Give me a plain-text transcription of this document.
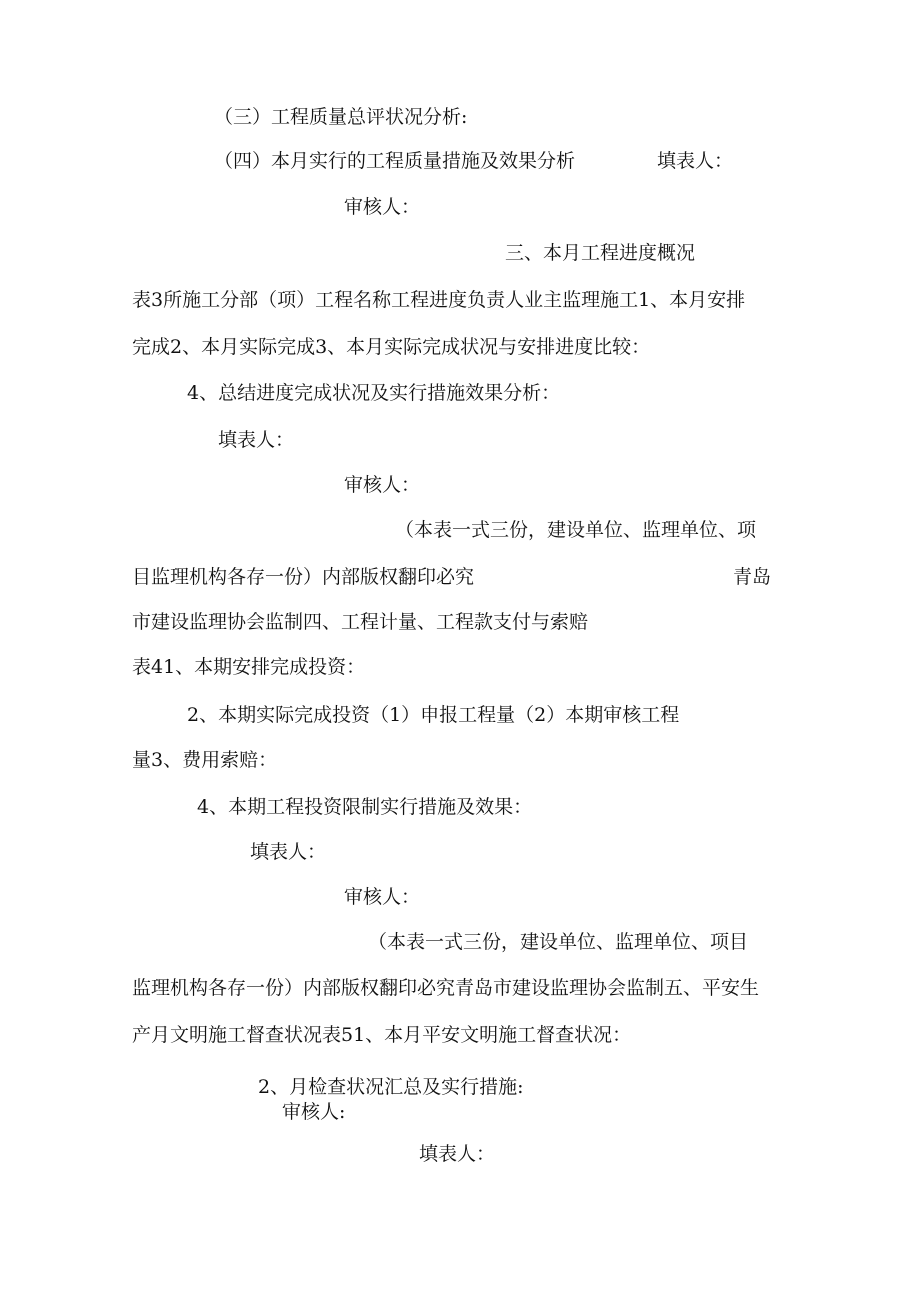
（三）工程质量总评状况分析:
（四）本月实行的工程质量措施及效果分析	填表人：
审核人：
三、本月工程进度概况
表3所施工分部（项）工程名称工程进度负责人业主监理施工1、本月安排
完成2、本月实际完成3、本月实际完成状况与安排进度比较：
4、总结进度完成状况及实行措施效果分析：
填表人：
审核人：
（本表一式三份，建设单位、监理单位、项
目监理机构各存一份）内部版权翻印必究	青岛
市建设监理协会监制四、工程计量、工程款支付与索赔
表41、本期安排完成投资：
2、本期实际完成投资（1）申报工程量（2）本期审核工程
量3、费用索赔：
4、本期工程投资限制实行措施及效果：
填表人：
审核人：
（本表一式三份，建设单位、监理单位、项目
监理机构各存一份）内部版权翻印必究青岛市建设监理协会监制五、平安生
产月文明施工督查状况表51、本月平安文明施工督查状况：
2、月检查状况汇总及实行措施:
审核人:
填表人：
